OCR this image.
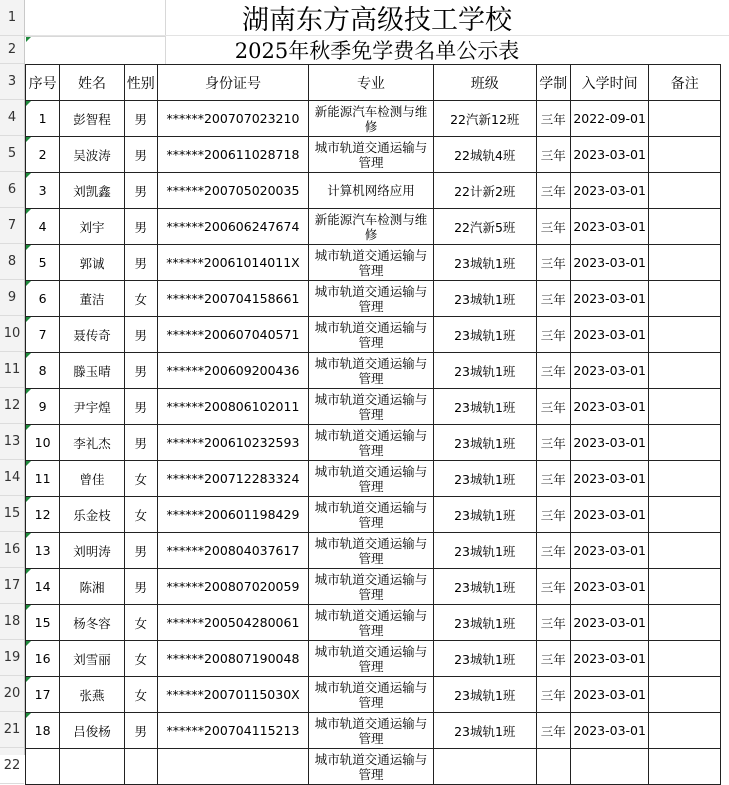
1
2
3
4
5
6
7
8
9
10
11
12
13
14
15
16
17
18
19
20
21
22
湖南东方高级技工学校
2025年秋季免学费名单公示表
序号	姓名	性别	身份证号	专业	班级	学制	入学时间	备注
1	彭智程	男	******200707023210	新能源汽车检测与维修	22汽新12班	三年	2022-09-01	
2	吴波涛	男	******200611028718	城市轨道交通运输与管理	22城轨4班	三年	2023-03-01	
3	刘凯鑫	男	******200705020035	计算机网络应用	22计新2班	三年	2023-03-01	
4	刘宇	男	******200606247674	新能源汽车检测与维修	22汽新5班	三年	2023-03-01	
5	郭诚	男	******20061014011X	城市轨道交通运输与管理	23城轨1班	三年	2023-03-01	
6	董洁	女	******200704158661	城市轨道交通运输与管理	23城轨1班	三年	2023-03-01	
7	聂传奇	男	******200607040571	城市轨道交通运输与管理	23城轨1班	三年	2023-03-01	
8	滕玉晴	男	******200609200436	城市轨道交通运输与管理	23城轨1班	三年	2023-03-01	
9	尹宇煌	男	******200806102011	城市轨道交通运输与管理	23城轨1班	三年	2023-03-01	
10	李礼杰	男	******200610232593	城市轨道交通运输与管理	23城轨1班	三年	2023-03-01	
11	曾佳	女	******200712283324	城市轨道交通运输与管理	23城轨1班	三年	2023-03-01	
12	乐金枝	女	******200601198429	城市轨道交通运输与管理	23城轨1班	三年	2023-03-01	
13	刘明涛	男	******200804037617	城市轨道交通运输与管理	23城轨1班	三年	2023-03-01	
14	陈湘	男	******200807020059	城市轨道交通运输与管理	23城轨1班	三年	2023-03-01	
15	杨冬容	女	******200504280061	城市轨道交通运输与管理	23城轨1班	三年	2023-03-01	
16	刘雪丽	女	******200807190048	城市轨道交通运输与管理	23城轨1班	三年	2023-03-01	
17	张燕	女	******20070115030X	城市轨道交通运输与管理	23城轨1班	三年	2023-03-01	
18	吕俊杨	男	******200704115213	城市轨道交通运输与管理	23城轨1班	三年	2023-03-01	
				城市轨道交通运输与管理				
